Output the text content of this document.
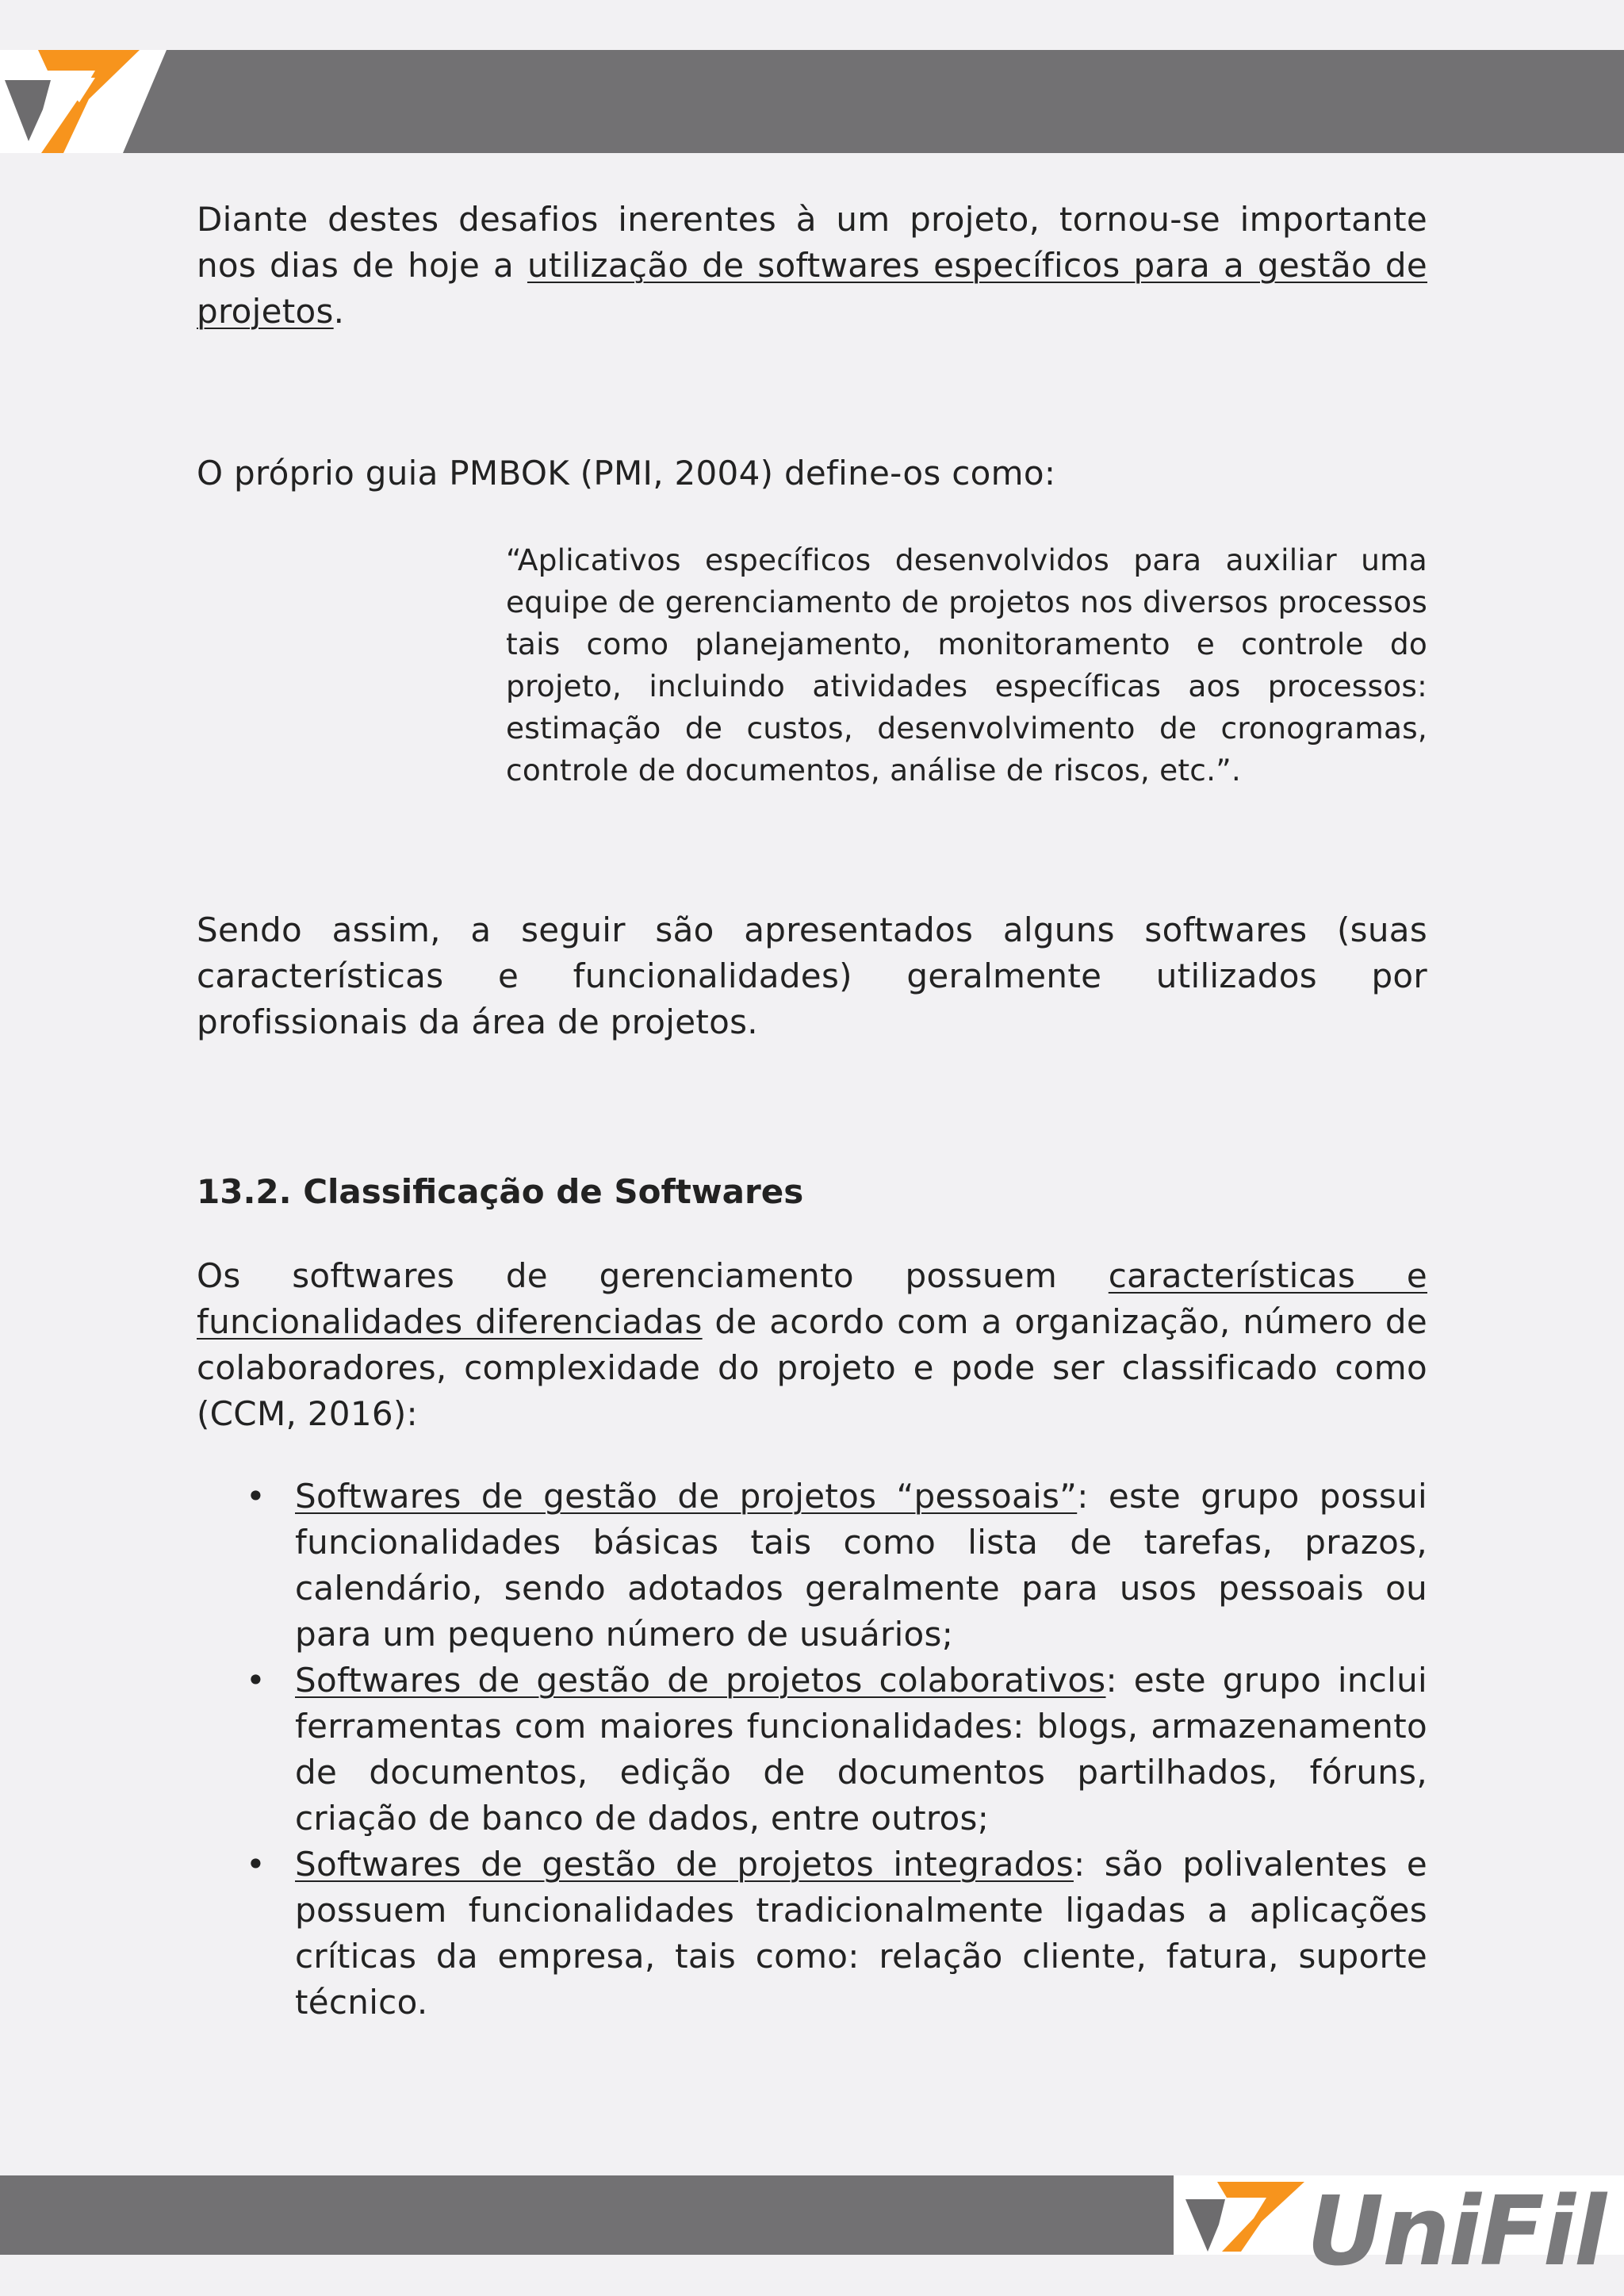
Diante destes desafios inerentes à um projeto, tornou-se importante nos dias de hoje a utilização de softwares específicos para a gestão de projetos.

O próprio guia PMBOK (PMI, 2004) define-os como:

“Aplicativos específicos desenvolvidos para auxiliar uma equipe de gerenciamento de projetos nos diversos processos tais como planejamento, monitoramento e controle do projeto, incluindo atividades específicas aos processos: estimação de custos, desenvolvimento de cronogramas, controle de documentos, análise de riscos, etc.”.

Sendo assim, a seguir são apresentados alguns softwares (suas características e funcionalidades) geralmente utilizados por profissionais da área de projetos.

13.2. Classificação de Softwares

Os softwares de gerenciamento possuem características e funcionalidades diferenciadas de acordo com a organização, número de colaboradores, complexidade do projeto e pode ser classificado como (CCM, 2016):

• Softwares de gestão de projetos “pessoais”: este grupo possui funcionalidades básicas tais como lista de tarefas, prazos, calendário, sendo adotados geralmente para usos pessoais ou para um pequeno número de usuários;
• Softwares de gestão de projetos colaborativos: este grupo inclui ferramentas com maiores funcionalidades: blogs, armazenamento de documentos, edição de documentos partilhados, fóruns, criação de banco de dados, entre outros;
• Softwares de gestão de projetos integrados: são polivalentes e possuem funcionalidades tradicionalmente ligadas a aplicações críticas da empresa, tais como: relação cliente, fatura, suporte técnico.
UniFil
